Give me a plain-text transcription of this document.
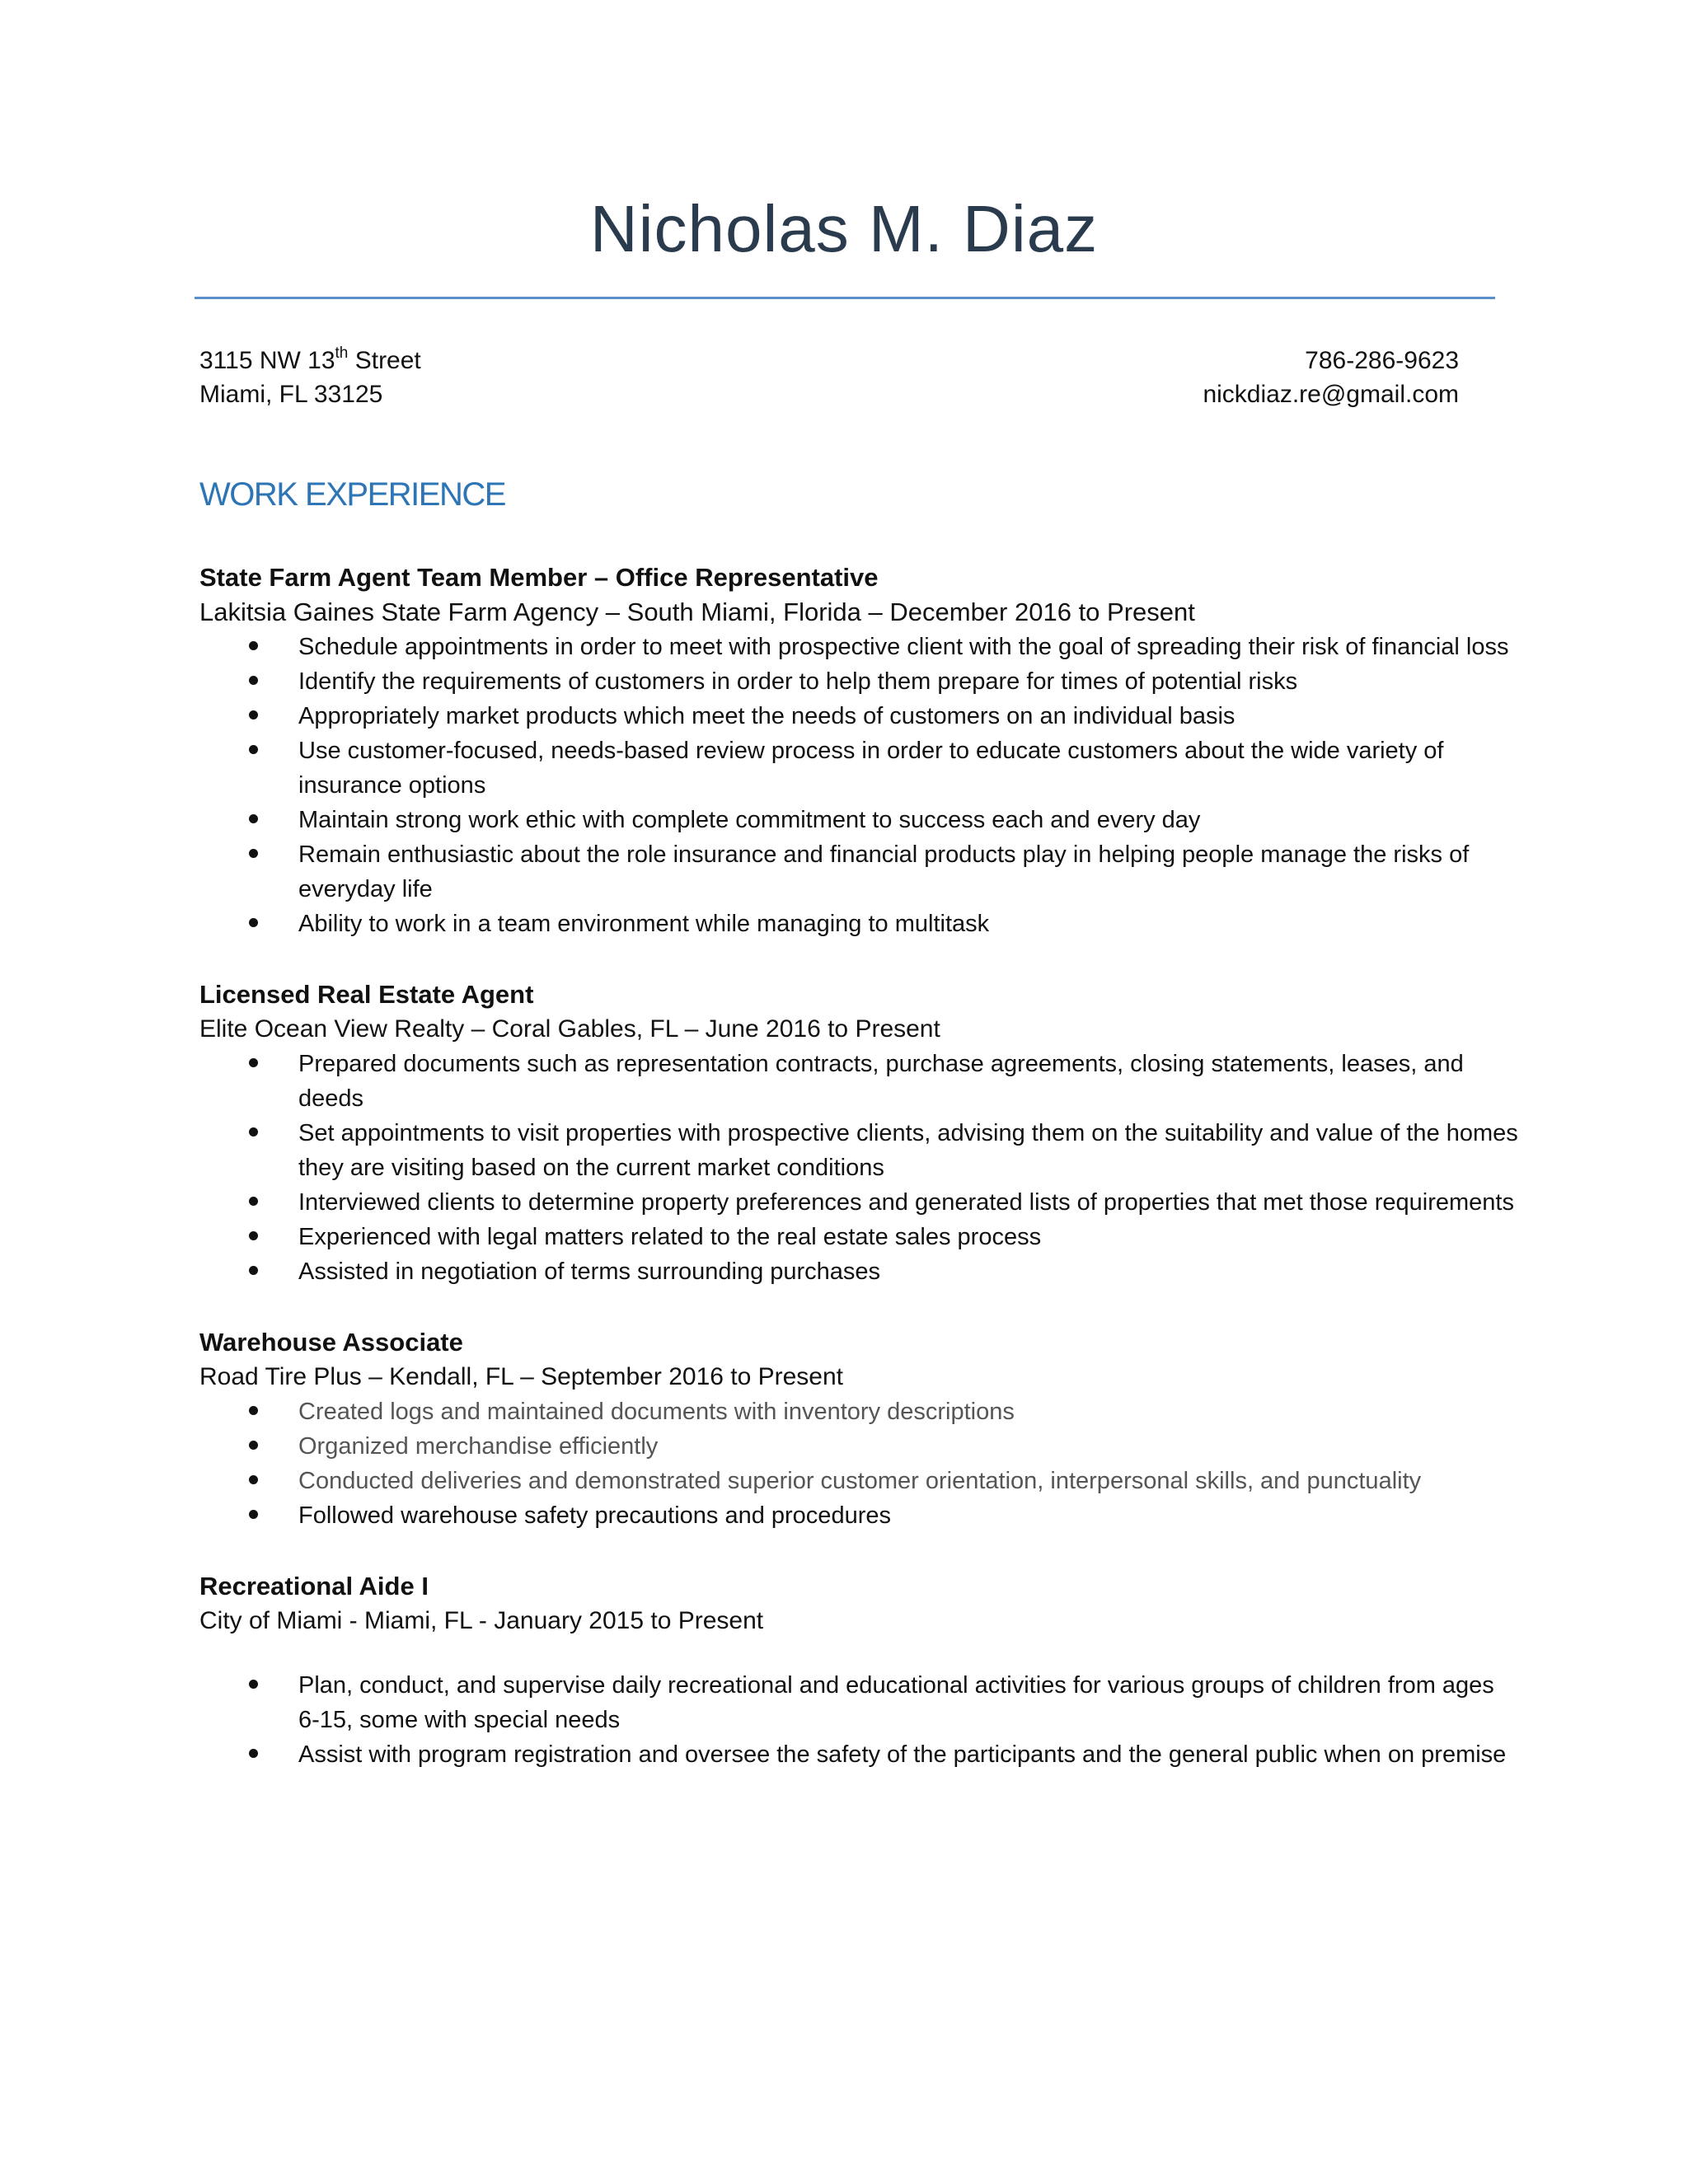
Nicholas M. Diaz
3115 NW 13th Street
Miami, FL 33125
786-286-9623
nickdiaz.re@gmail.com
WORK EXPERIENCE
State Farm Agent Team Member – Office Representative
Lakitsia Gaines State Farm Agency – South Miami, Florida – December 2016 to Present
Schedule appointments in order to meet with prospective client with the goal of spreading their risk of financial loss
Identify the requirements of customers in order to help them prepare for times of potential risks
Appropriately market products which meet the needs of customers on an individual basis
Use customer-focused, needs-based review process in order to educate customers about the wide variety of insurance options
Maintain strong work ethic with complete commitment to success each and every day
Remain enthusiastic about the role insurance and financial products play in helping people manage the risks of everyday life
Ability to work in a team environment while managing to multitask
Licensed Real Estate Agent
Elite Ocean View Realty – Coral Gables, FL – June 2016 to Present
Prepared documents such as representation contracts, purchase agreements, closing statements, leases, and deeds
Set appointments to visit properties with prospective clients, advising them on the suitability and value of the homes they are visiting based on the current market conditions
Interviewed clients to determine property preferences and generated lists of properties that met those requirements
Experienced with legal matters related to the real estate sales process
Assisted in negotiation of terms surrounding purchases
Warehouse Associate
Road Tire Plus – Kendall, FL – September 2016 to Present
Created logs and maintained documents with inventory descriptions
Organized merchandise efficiently
Conducted deliveries and demonstrated superior customer orientation, interpersonal skills, and punctuality
Followed warehouse safety precautions and procedures
Recreational Aide I
City of Miami - Miami, FL - January 2015 to Present
Plan, conduct, and supervise daily recreational and educational activities for various groups of children from ages 6-15, some with special needs
Assist with program registration and oversee the safety of the participants and the general public when on premise
